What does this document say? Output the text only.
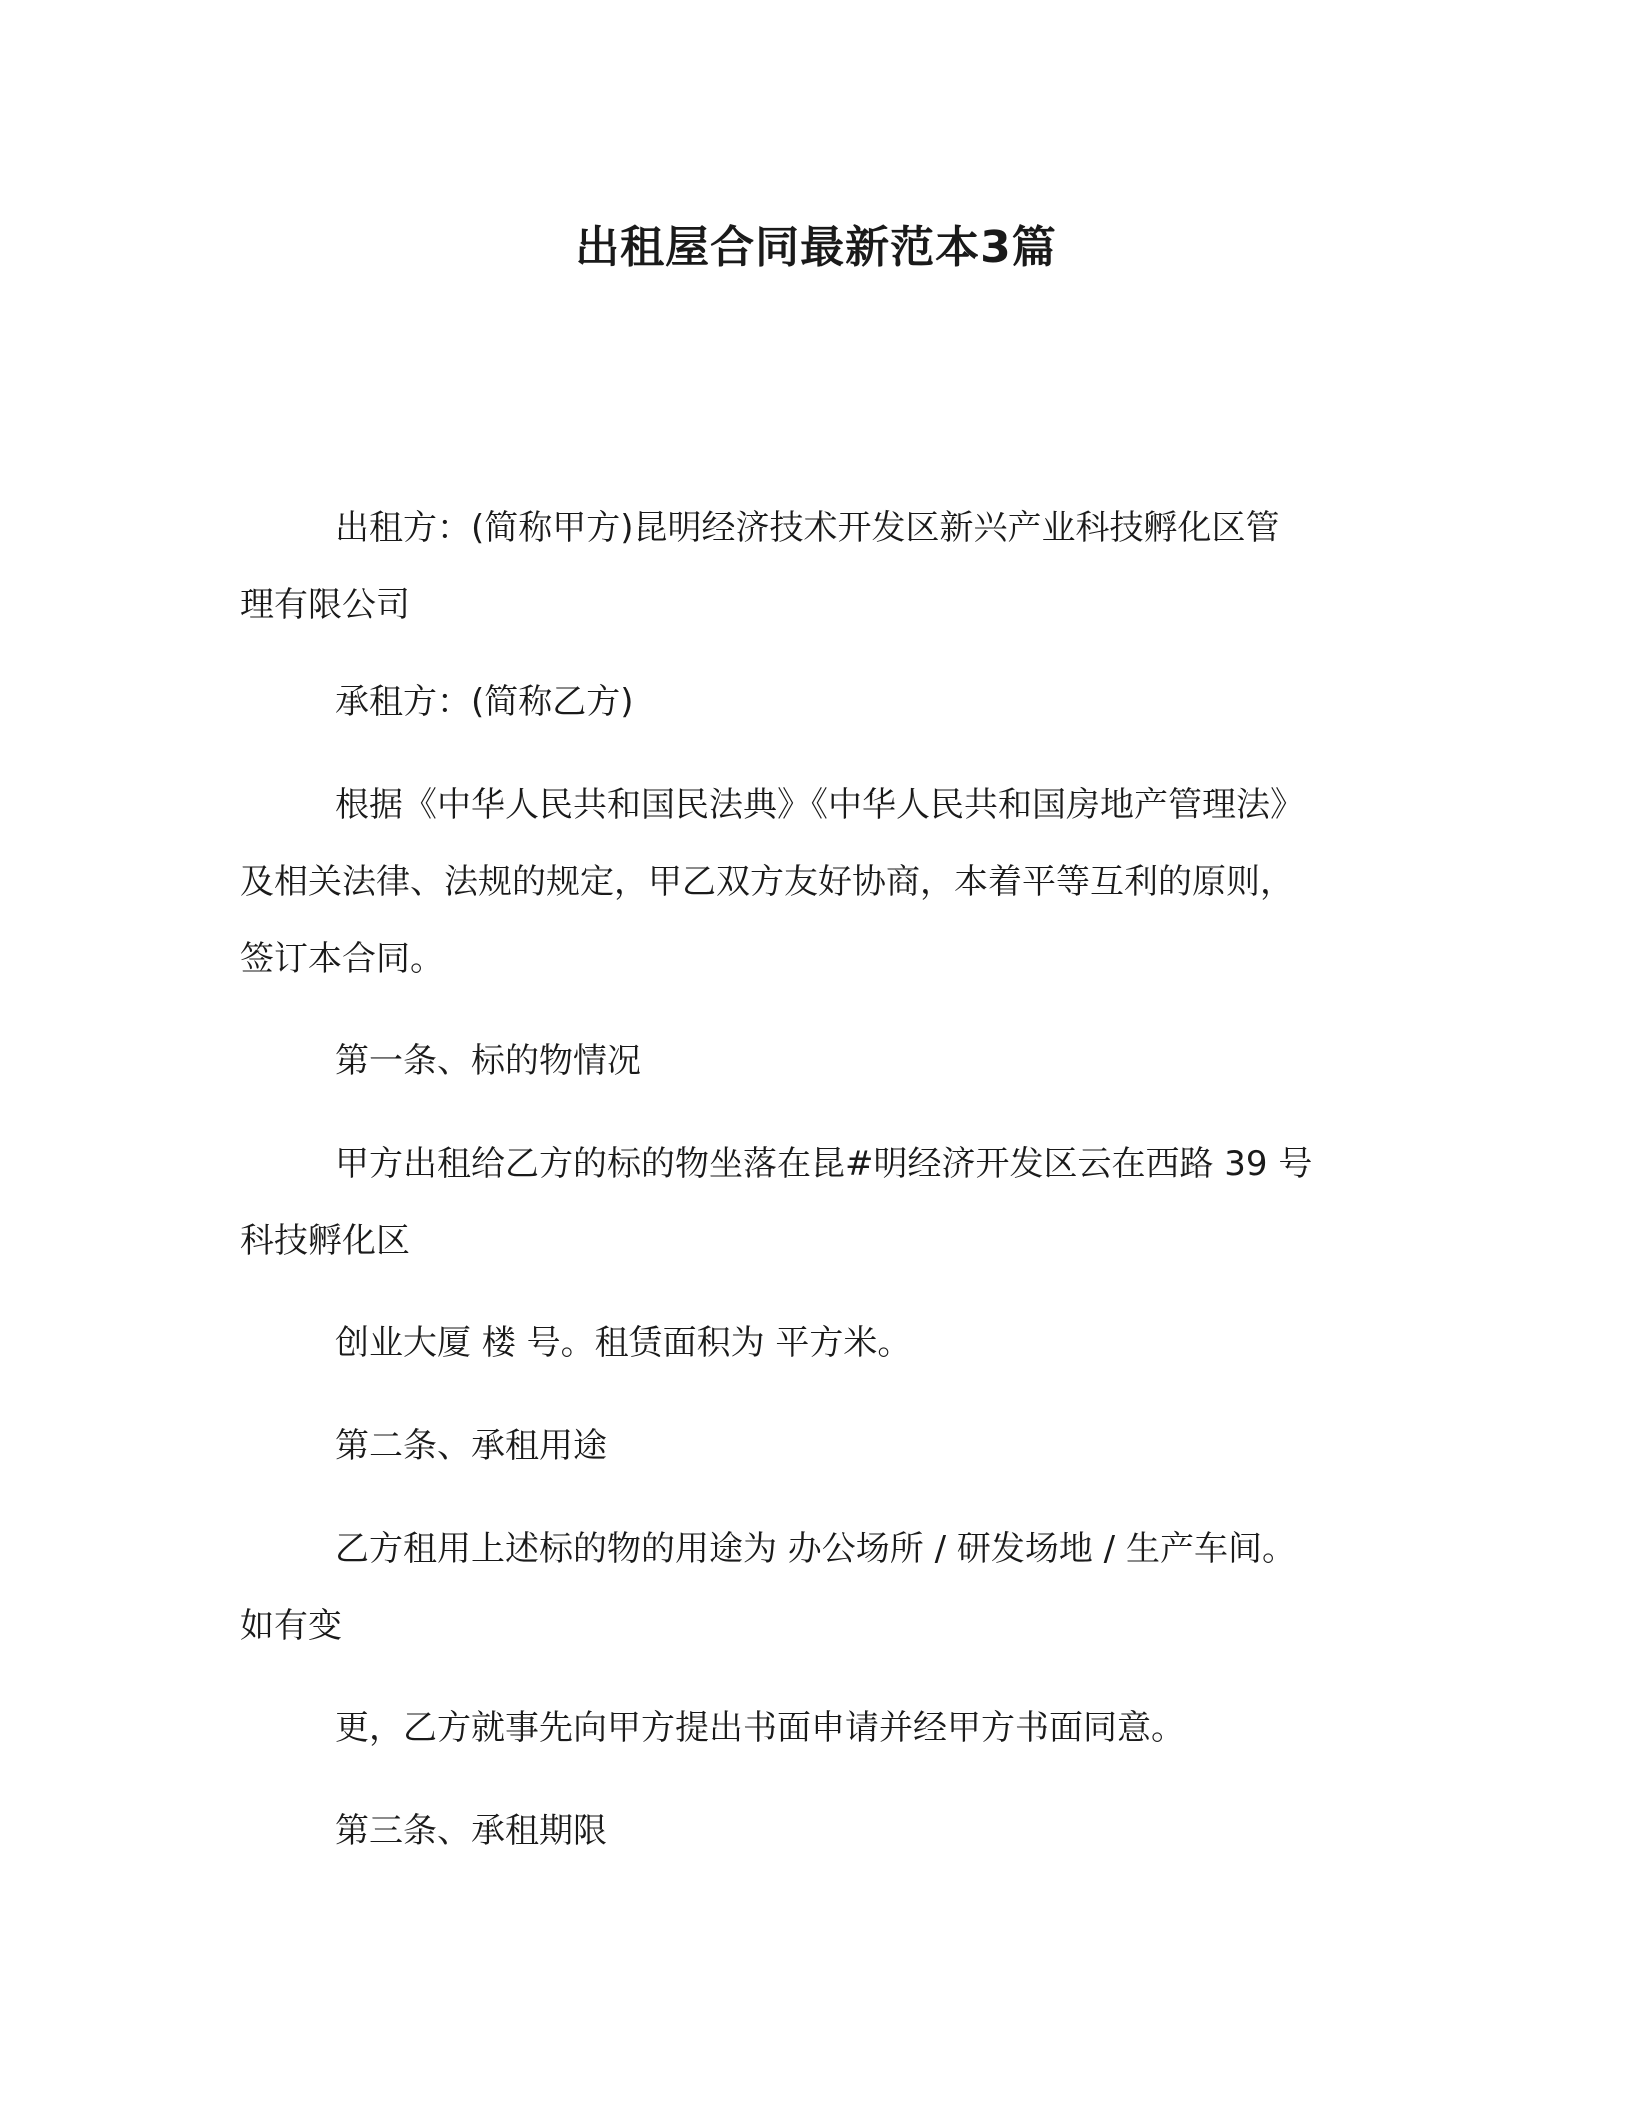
出租屋合同最新范本3篇
出租方：(简称甲方)昆明经济技术开发区新兴产业科技孵化区管
理有限公司
承租方：(简称乙方)
根据《中华人民共和国民法典》《中华人民共和国房地产管理法》
及相关法律、法规的规定，甲乙双方友好协商，本着平等互利的原则，
签订本合同。
第一条、标的物情况
甲方出租给乙方的标的物坐落在昆#明经济开发区云在西路 39 号
科技孵化区
创业大厦 楼 号。租赁面积为 平方米。
第二条、承租用途
乙方租用上述标的物的用途为 办公场所 / 研发场地 / 生产车间。
如有变
更，乙方就事先向甲方提出书面申请并经甲方书面同意。
第三条、承租期限
